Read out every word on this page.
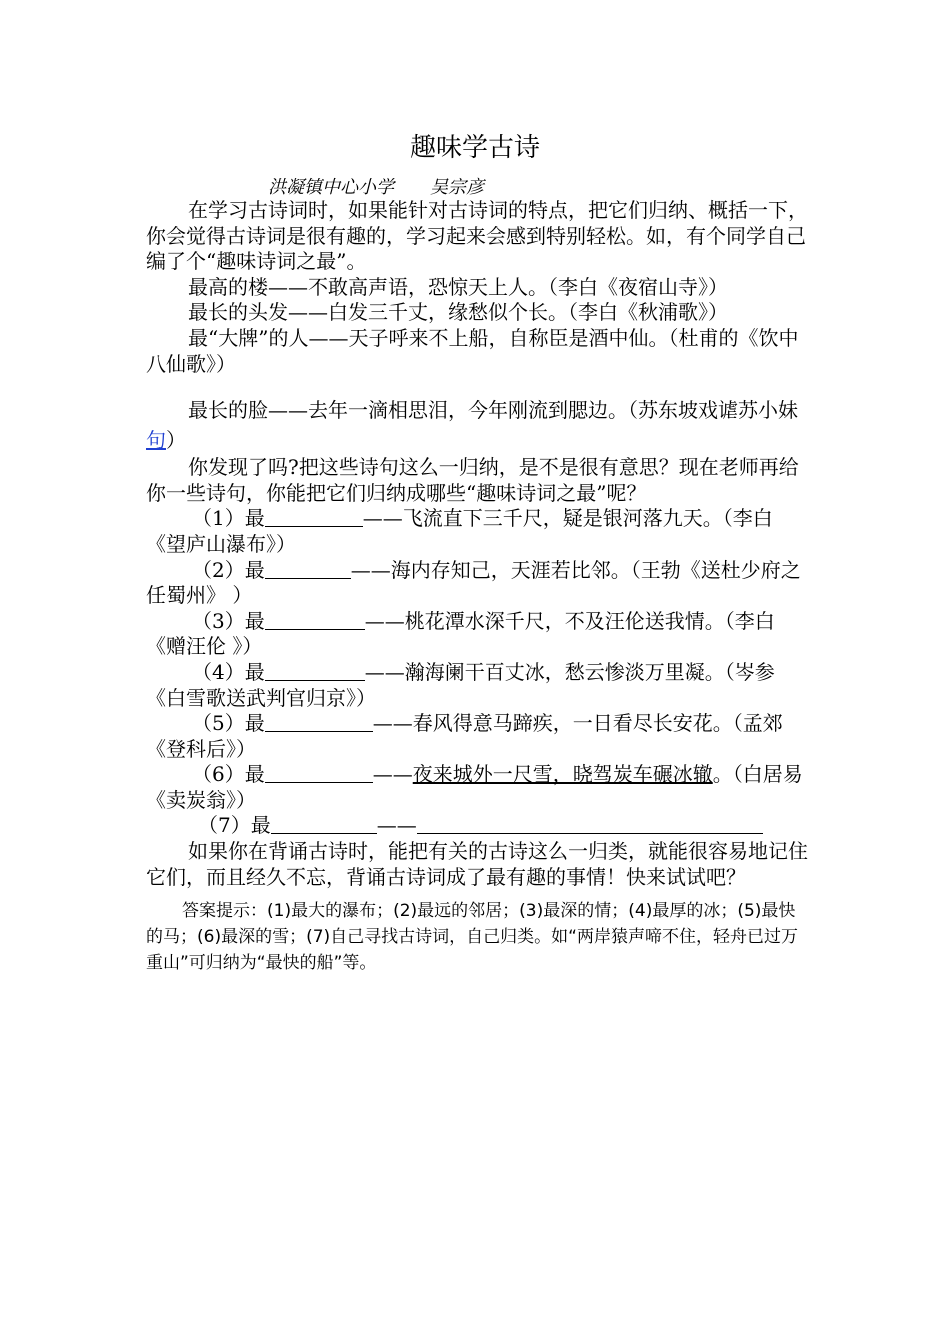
趣味学古诗
洪凝镇中心小学 吴宗彦

在学习古诗词时，如果能针对古诗词的特点，把它们归纳、概括一下，你会觉得古诗词是很有趣的，学习起来会感到特别轻松。如，有个同学自己编了个“趣味诗词之最”。

最高的楼——不敢高声语，恐惊天上人。（李白《夜宿山寺》）

最长的头发——白发三千丈，缘愁似个长。（李白《秋浦歌》）

最“大牌”的人——天子呼来不上船，自称臣是酒中仙。（杜甫的《饮中八仙歌》）

最长的脸——去年一滴相思泪，今年刚流到腮边。（苏东坡戏谑苏小妹句）

你发现了吗?把这些诗句这么一归纳，是不是很有意思？现在老师再给你一些诗句，你能把它们归纳成哪些“趣味诗词之最”呢？

（1）最	——飞流直下三千尺，疑是银河落九天。（李白《望庐山瀑布》）

（2）最	——海内存知己，天涯若比邻。（王勃《送杜少府之任蜀州》 ）

（3）最	——桃花潭水深千尺，不及汪伦送我情。（李白《赠汪伦 》）

（4）最	——瀚海阑干百丈冰，愁云惨淡万里凝。（岑参《白雪歌送武判官归京》）

（5）最	——春风得意马蹄疾，一日看尽长安花。（孟郊《登科后》）

（6）最	——夜来城外一尺雪，晓驾炭车碾冰辙。（白居易《卖炭翁》）

（7）最	——

如果你在背诵古诗时，能把有关的古诗这么一归类，就能很容易地记住它们，而且经久不忘，背诵古诗词成了最有趣的事情！快来试试吧？

答案提示：(1)最大的瀑布；(2)最远的邻居；(3)最深的情；(4)最厚的冰；(5)最快的马；(6)最深的雪；(7)自己寻找古诗词，自己归类。如“两岸猿声啼不住，轻舟已过万重山”可归纳为“最快的船”等。
